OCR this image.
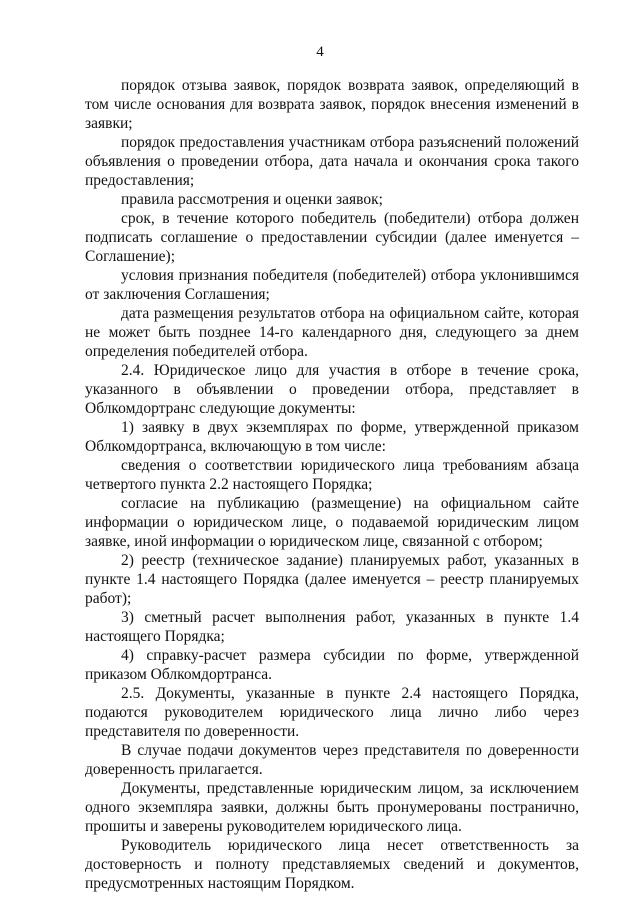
4

порядок отзыва заявок, порядок возврата заявок, определяющий в том числе основания для возврата заявок, порядок внесения изменений в заявки;

порядок предоставления участникам отбора разъяснений положений объявления о проведении отбора, дата начала и окончания срока такого предоставления;

правила рассмотрения и оценки заявок;

срок, в течение которого победитель (победители) отбора должен подписать соглашение о предоставлении субсидии (далее именуется – Соглашение);

условия признания победителя (победителей) отбора уклонившимся от заключения Соглашения;

дата размещения результатов отбора на официальном сайте, которая не может быть позднее 14-го календарного дня, следующего за днем определения победителей отбора.

2.4. Юридическое лицо для участия в отборе в течение срока, указанного в объявлении о проведении отбора, представляет в Облкомдортранс следующие документы:

1) заявку в двух экземплярах по форме, утвержденной приказом Облкомдортранса, включающую в том числе:

сведения о соответствии юридического лица требованиям абзаца четвертого пункта 2.2 настоящего Порядка;

согласие на публикацию (размещение) на официальном сайте информации о юридическом лице, о подаваемой юридическим лицом заявке, иной информации о юридическом лице, связанной с отбором;

2) реестр (техническое задание) планируемых работ, указанных в пункте 1.4 настоящего Порядка (далее именуется – реестр планируемых работ);

3) сметный расчет выполнения работ, указанных в пункте 1.4 настоящего Порядка;

4) справку-расчет размера субсидии по форме, утвержденной приказом Облкомдортранса.

2.5. Документы, указанные в пункте 2.4 настоящего Порядка, подаются руководителем юридического лица лично либо через представителя по доверенности.

В случае подачи документов через представителя по доверенности доверенность прилагается.

Документы, представленные юридическим лицом, за исключением одного экземпляра заявки, должны быть пронумерованы постранично, прошиты и заверены руководителем юридического лица.

Руководитель юридического лица несет ответственность за достоверность и полноту представляемых сведений и документов, предусмотренных настоящим Порядком.
